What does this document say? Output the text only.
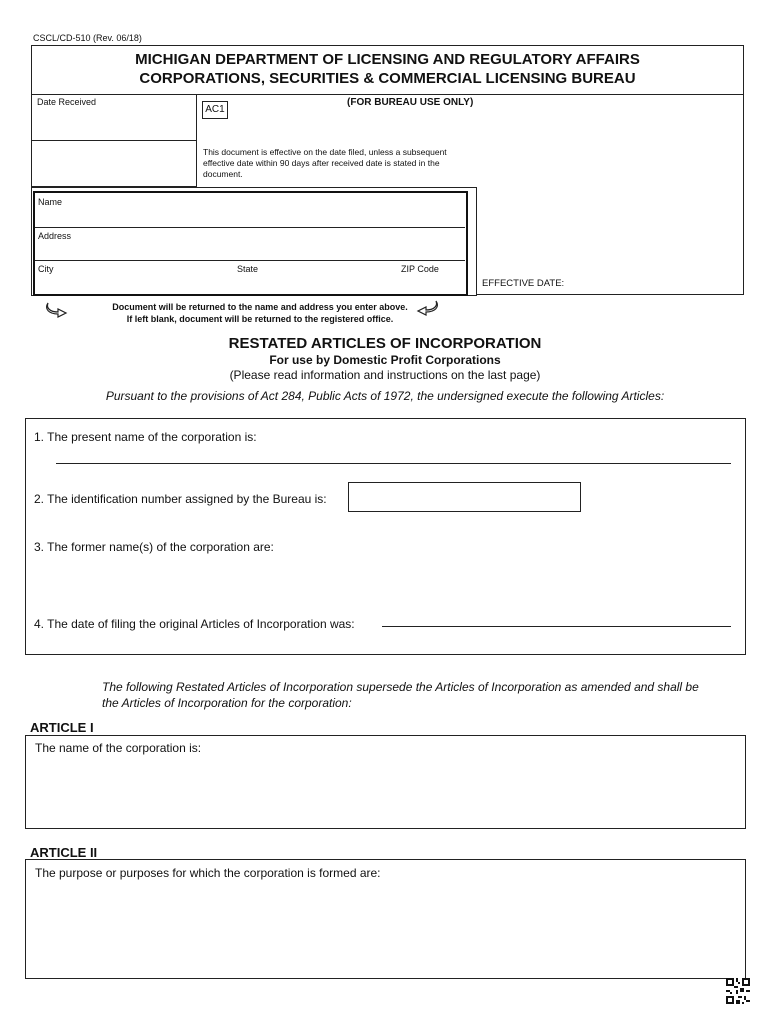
CSCL/CD-510 (Rev. 06/18)
MICHIGAN DEPARTMENT OF LICENSING AND REGULATORY AFFAIRS
CORPORATIONS, SECURITIES & COMMERCIAL LICENSING BUREAU
Date Received
AC1
(FOR BUREAU USE ONLY)
This document is effective on the date filed, unless a subsequent effective date within 90 days after received date is stated in the document.
EFFECTIVE DATE:
Name
Address
City	State	ZIP Code
Document will be returned to the name and address you enter above.
If left blank, document will be returned to the registered office.
RESTATED ARTICLES OF INCORPORATION
For use by Domestic Profit Corporations
(Please read information and instructions on the last page)
Pursuant to the provisions of Act 284, Public Acts of 1972, the undersigned execute the following Articles:
1. The present name of the corporation is:
2. The identification number assigned by the Bureau is:
3. The former name(s) of the corporation are:
4. The date of filing the original Articles of Incorporation was:
The following Restated Articles of Incorporation supersede the Articles of Incorporation as amended and shall be the Articles of Incorporation for the corporation:
ARTICLE I
The name of the corporation is:
ARTICLE II
The purpose or purposes for which the corporation is formed are:
